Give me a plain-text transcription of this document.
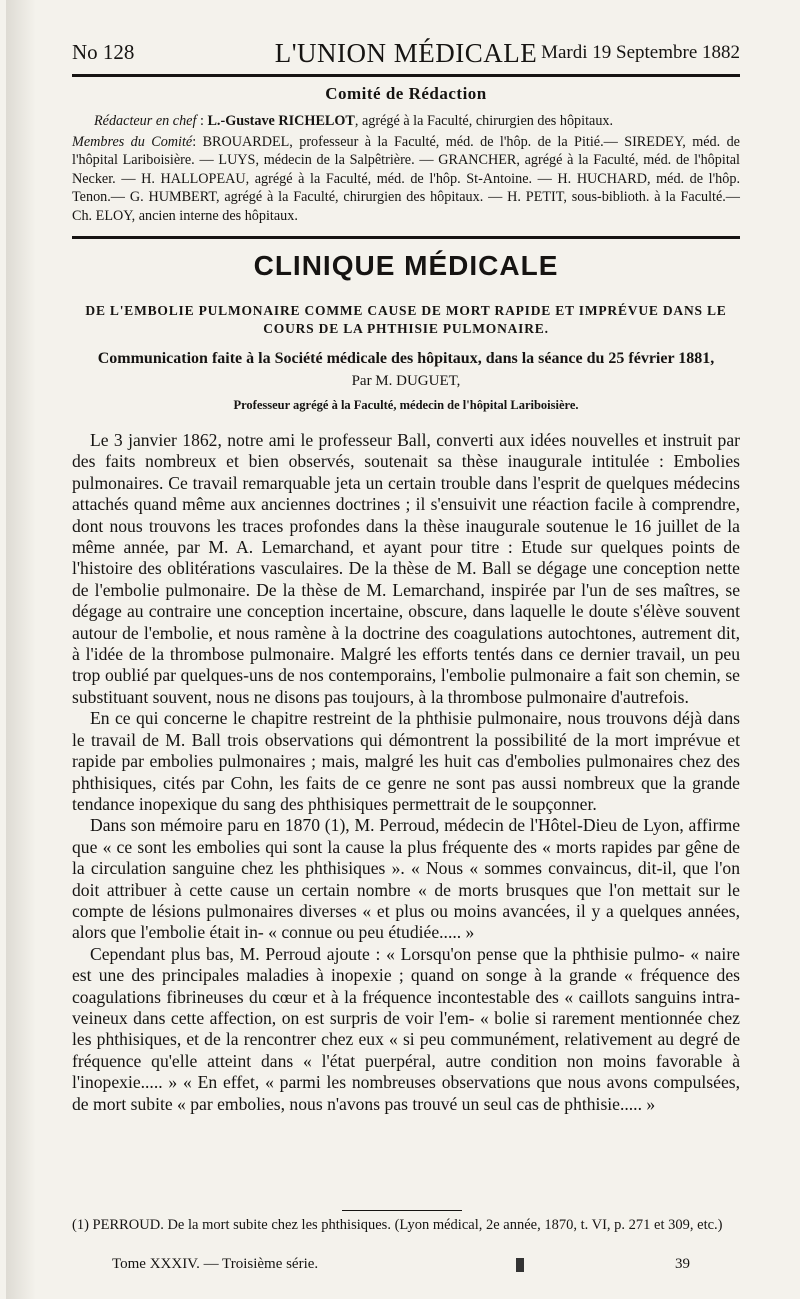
No 128	L'UNION MÉDICALE Mardi 19 Septembre 1882
Comité de Rédaction

Rédacteur en chef : L.-Gustave RICHELOT, agrégé à la Faculté, chirurgien des hôpitaux.

Membres du Comité: BROUARDEL, professeur à la Faculté, méd. de l'hôp. de la Pitié.— SIREDEY, méd. de l'hôpital Lariboisière. — LUYS, médecin de la Salpêtrière. — GRANCHER, agrégé à la Faculté, méd. de l'hôpital Necker. — H. HALLOPEAU, agrégé à la Faculté, méd. de l'hôp. St-Antoine. — H. HUCHARD, méd. de l'hôp. Tenon.— G. HUMBERT, agrégé à la Faculté, chirurgien des hôpitaux. — H. PETIT, sous-biblioth. à la Faculté.— Ch. ELOY, ancien interne des hôpitaux.

CLINIQUE MÉDICALE
DE L'EMBOLIE PULMONAIRE COMME CAUSE DE MORT RAPIDE ET IMPRÉVUE DANS LE COURS DE LA PHTHISIE PULMONAIRE.
Communication faite à la Société médicale des hôpitaux, dans la séance du 25 février 1881,
Par M. DUGUET,
Professeur agrégé à la Faculté, médecin de l'hôpital Lariboisière.

Le 3 janvier 1862, notre ami le professeur Ball, converti aux idées nouvelles et instruit par des faits nombreux et bien observés, soutenait sa thèse inaugurale intitulée : Embolies pulmonaires. Ce travail remarquable jeta un certain trouble dans l'esprit de quelques médecins attachés quand même aux anciennes doctrines ; il s'ensuivit une réaction facile à comprendre, dont nous trouvons les traces profondes dans la thèse inaugurale soutenue le 16 juillet de la même année, par M. A. Lemarchand, et ayant pour titre : Etude sur quelques points de l'histoire des oblitérations vasculaires. De la thèse de M. Ball se dégage une conception nette de l'embolie pulmonaire. De la thèse de M. Lemarchand, inspirée par l'un de ses maîtres, se dégage au contraire une conception incertaine, obscure, dans laquelle le doute s'élève souvent autour de l'embolie, et nous ramène à la doctrine des coagulations autochtones, autrement dit, à l'idée de la thrombose pulmonaire. Malgré les efforts tentés dans ce dernier travail, un peu trop oublié par quelques-uns de nos contemporains, l'embolie pulmonaire a fait son chemin, se substituant souvent, nous ne disons pas toujours, à la thrombose pulmonaire d'autrefois.

En ce qui concerne le chapitre restreint de la phthisie pulmonaire, nous trouvons déjà dans le travail de M. Ball trois observations qui démontrent la possibilité de la mort imprévue et rapide par embolies pulmonaires ; mais, malgré les huit cas d'embolies pulmonaires chez des phthisiques, cités par Cohn, les faits de ce genre ne sont pas aussi nombreux que la grande tendance inopexique du sang des phthisiques permettrait de le soupçonner.

Dans son mémoire paru en 1870 (1), M. Perroud, médecin de l'Hôtel-Dieu de Lyon, affirme que « ce sont les embolies qui sont la cause la plus fréquente des « morts rapides par gêne de la circulation sanguine chez les phthisiques ». « Nous « sommes convaincus, dit-il, que l'on doit attribuer à cette cause un certain nombre « de morts brusques que l'on mettait sur le compte de lésions pulmonaires diverses « et plus ou moins avancées, il y a quelques années, alors que l'embolie était in- « connue ou peu étudiée..... »

Cependant plus bas, M. Perroud ajoute : « Lorsqu'on pense que la phthisie pulmo- « naire est une des principales maladies à inopexie ; quand on songe à la grande « fréquence des coagulations fibrineuses du cœur et à la fréquence incontestable des « caillots sanguins intra-veineux dans cette affection, on est surpris de voir l'em- « bolie si rarement mentionnée chez les phthisiques, et de la rencontrer chez eux « si peu communément, relativement au degré de fréquence qu'elle atteint dans « l'état puerpéral, autre condition non moins favorable à l'inopexie..... » « En effet, « parmi les nombreuses observations que nous avons compulsées, de mort subite « par embolies, nous n'avons pas trouvé un seul cas de phthisie..... »

(1) PERROUD. De la mort subite chez les phthisiques. (Lyon médical, 2e année, 1870, t. VI, p. 271 et 309, etc.)
Tome XXXIV. — Troisième série.	39
